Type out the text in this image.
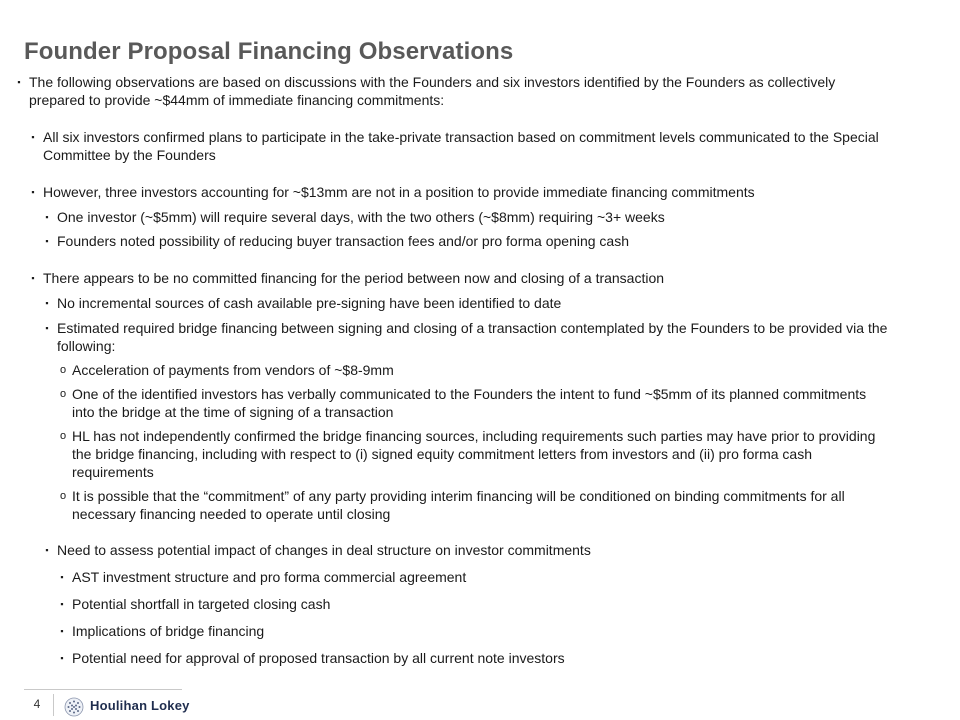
Founder Proposal Financing Observations
▪ The following observations are based on discussions with the Founders and six investors identified by the Founders as collectively prepared to provide ~$44mm of immediate financing commitments:
▪ All six investors confirmed plans to participate in the take-private transaction based on commitment levels communicated to the Special Committee by the Founders
▪ However, three investors accounting for ~$13mm are not in a position to provide immediate financing commitments
▪ One investor (~$5mm) will require several days, with the two others (~$8mm) requiring ~3+ weeks
▪ Founders noted possibility of reducing buyer transaction fees and/or pro forma opening cash
▪ There appears to be no committed financing for the period between now and closing of a transaction
▪ No incremental sources of cash available pre-signing have been identified to date
▪ Estimated required bridge financing between signing and closing of a transaction contemplated by the Founders to be provided via the following:
o Acceleration of payments from vendors of ~$8-9mm
o One of the identified investors has verbally communicated to the Founders the intent to fund ~$5mm of its planned commitments into the bridge at the time of signing of a transaction
o HL has not independently confirmed the bridge financing sources, including requirements such parties may have prior to providing the bridge financing, including with respect to (i) signed equity commitment letters from investors and (ii) pro forma cash requirements
o It is possible that the “commitment” of any party providing interim financing will be conditioned on binding commitments for all necessary financing needed to operate until closing
▪ Need to assess potential impact of changes in deal structure on investor commitments
▪ AST investment structure and pro forma commercial agreement
▪ Potential shortfall in targeted closing cash
▪ Implications of bridge financing
▪ Potential need for approval of proposed transaction by all current note investors
4	Houlihan Lokey
